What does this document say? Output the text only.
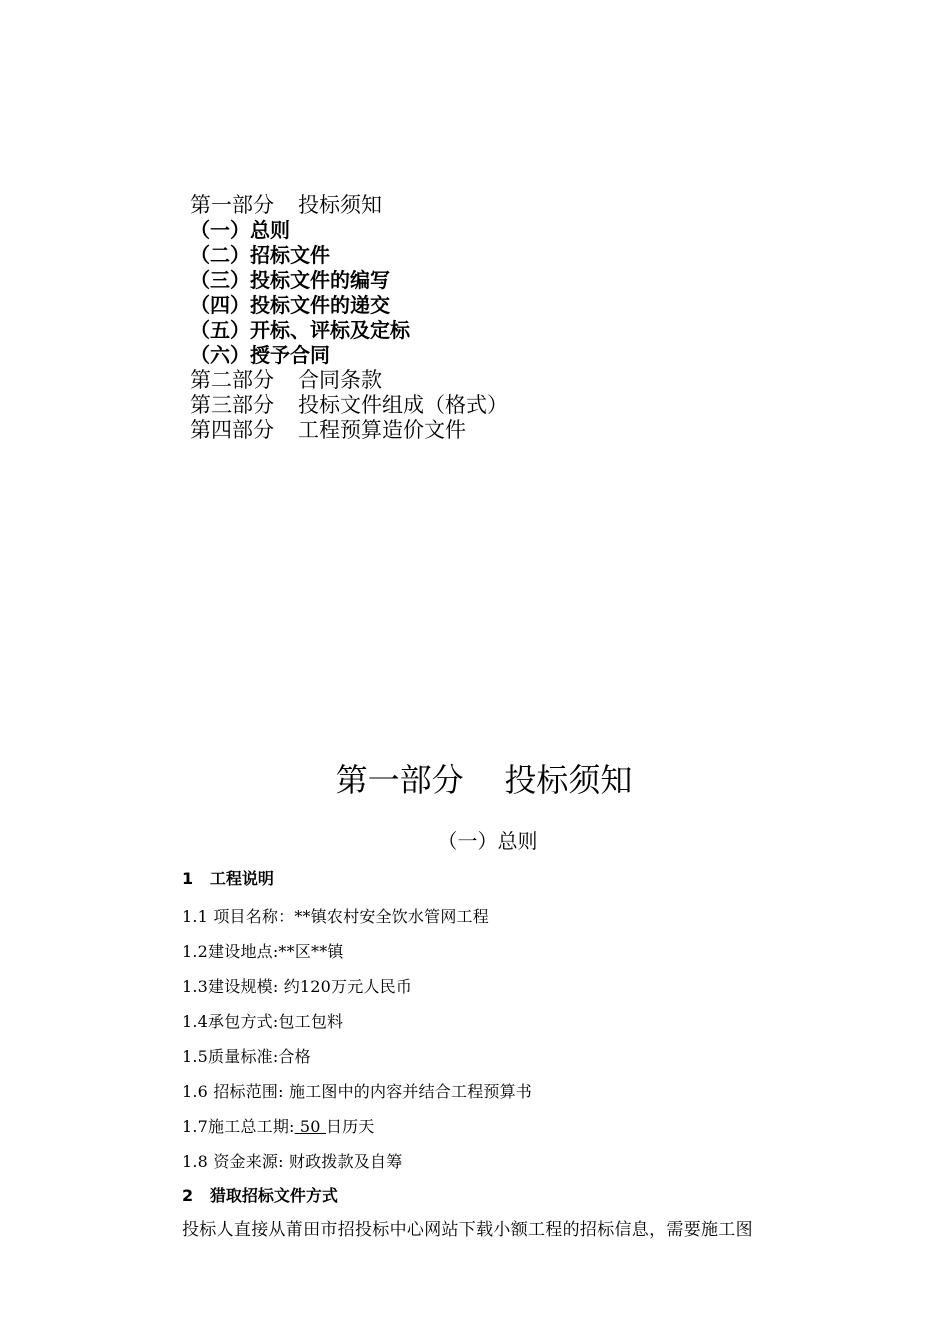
第一部分 投标须知
（一）总则
（二）招标文件
（三）投标文件的编写
（四）投标文件的递交
（五）开标、评标及定标
（六）授予合同
第二部分 合同条款
第三部分 投标文件组成（格式）
第四部分 工程预算造价文件
第一部分    投标须知
（一）总则
1   工程说明
1.1 项目名称：**镇农村安全饮水管网工程
1.2建设地点:**区**镇
1.3建设规模: 约120万元人民币
1.4承包方式:包工包料
1.5质量标准:合格
1.6 招标范围: 施工图中的内容并结合工程预算书
1.7施工总工期: 50 日历天
1.8 资金来源: 财政拨款及自筹
2   猎取招标文件方式
投标人直接从莆田市招投标中心网站下载小额工程的招标信息，需要施工图
